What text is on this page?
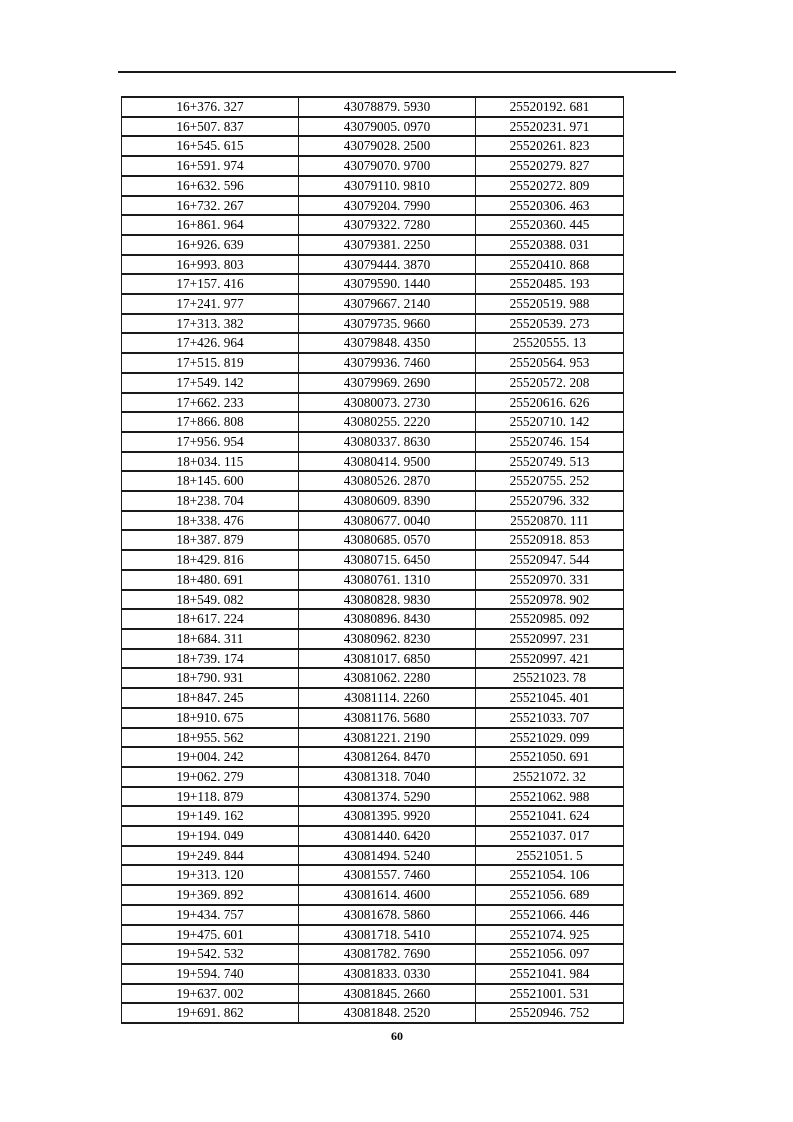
16+376. 327	43078879. 5930	25520192. 681
16+507. 837	43079005. 0970	25520231. 971
16+545. 615	43079028. 2500	25520261. 823
16+591. 974	43079070. 9700	25520279. 827
16+632. 596	43079110. 9810	25520272. 809
16+732. 267	43079204. 7990	25520306. 463
16+861. 964	43079322. 7280	25520360. 445
16+926. 639	43079381. 2250	25520388. 031
16+993. 803	43079444. 3870	25520410. 868
17+157. 416	43079590. 1440	25520485. 193
17+241. 977	43079667. 2140	25520519. 988
17+313. 382	43079735. 9660	25520539. 273
17+426. 964	43079848. 4350	25520555. 13
17+515. 819	43079936. 7460	25520564. 953
17+549. 142	43079969. 2690	25520572. 208
17+662. 233	43080073. 2730	25520616. 626
17+866. 808	43080255. 2220	25520710. 142
17+956. 954	43080337. 8630	25520746. 154
18+034. 115	43080414. 9500	25520749. 513
18+145. 600	43080526. 2870	25520755. 252
18+238. 704	43080609. 8390	25520796. 332
18+338. 476	43080677. 0040	25520870. 111
18+387. 879	43080685. 0570	25520918. 853
18+429. 816	43080715. 6450	25520947. 544
18+480. 691	43080761. 1310	25520970. 331
18+549. 082	43080828. 9830	25520978. 902
18+617. 224	43080896. 8430	25520985. 092
18+684. 311	43080962. 8230	25520997. 231
18+739. 174	43081017. 6850	25520997. 421
18+790. 931	43081062. 2280	25521023. 78
18+847. 245	43081114. 2260	25521045. 401
18+910. 675	43081176. 5680	25521033. 707
18+955. 562	43081221. 2190	25521029. 099
19+004. 242	43081264. 8470	25521050. 691
19+062. 279	43081318. 7040	25521072. 32
19+118. 879	43081374. 5290	25521062. 988
19+149. 162	43081395. 9920	25521041. 624
19+194. 049	43081440. 6420	25521037. 017
19+249. 844	43081494. 5240	25521051. 5
19+313. 120	43081557. 7460	25521054. 106
19+369. 892	43081614. 4600	25521056. 689
19+434. 757	43081678. 5860	25521066. 446
19+475. 601	43081718. 5410	25521074. 925
19+542. 532	43081782. 7690	25521056. 097
19+594. 740	43081833. 0330	25521041. 984
19+637. 002	43081845. 2660	25521001. 531
19+691. 862	43081848. 2520	25520946. 752
60
